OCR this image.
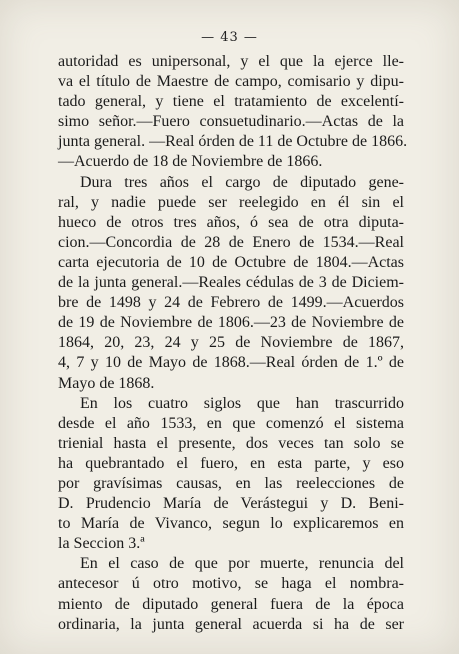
— 43 —
autoridad es unipersonal, y el que la ejerce lle-
va el título de Maestre de campo, comisario y dipu-
tado general, y tiene el tratamiento de excelentí-
simo señor.—Fuero consuetudinario.—Actas de la
junta general. —Real órden de 11 de Octubre de 1866.
—Acuerdo de 18 de Noviembre de 1866.
Dura tres años el cargo de diputado gene-
ral, y nadie puede ser reelegido en él sin el
hueco de otros tres años, ó sea de otra diputa-
cion.—Concordia de 28 de Enero de 1534.—Real
carta ejecutoria de 10 de Octubre de 1804.—Actas
de la junta general.—Reales cédulas de 3 de Diciem-
bre de 1498 y 24 de Febrero de 1499.—Acuerdos
de 19 de Noviembre de 1806.—23 de Noviembre de
1864, 20, 23, 24 y 25 de Noviembre de 1867,
4, 7 y 10 de Mayo de 1868.—Real órden de 1.º de
Mayo de 1868.
En los cuatro siglos que han trascurrido
desde el año 1533, en que comenzó el sistema
trienial hasta el presente, dos veces tan solo se
ha quebrantado el fuero, en esta parte, y eso
por gravísimas causas, en las reelecciones de
D. Prudencio María de Verástegui y D. Beni-
to María de Vivanco, segun lo explicaremos en
la Seccion 3.ª
En el caso de que por muerte, renuncia del
antecesor ú otro motivo, se haga el nombra-
miento de diputado general fuera de la época
ordinaria, la junta general acuerda si ha de ser
